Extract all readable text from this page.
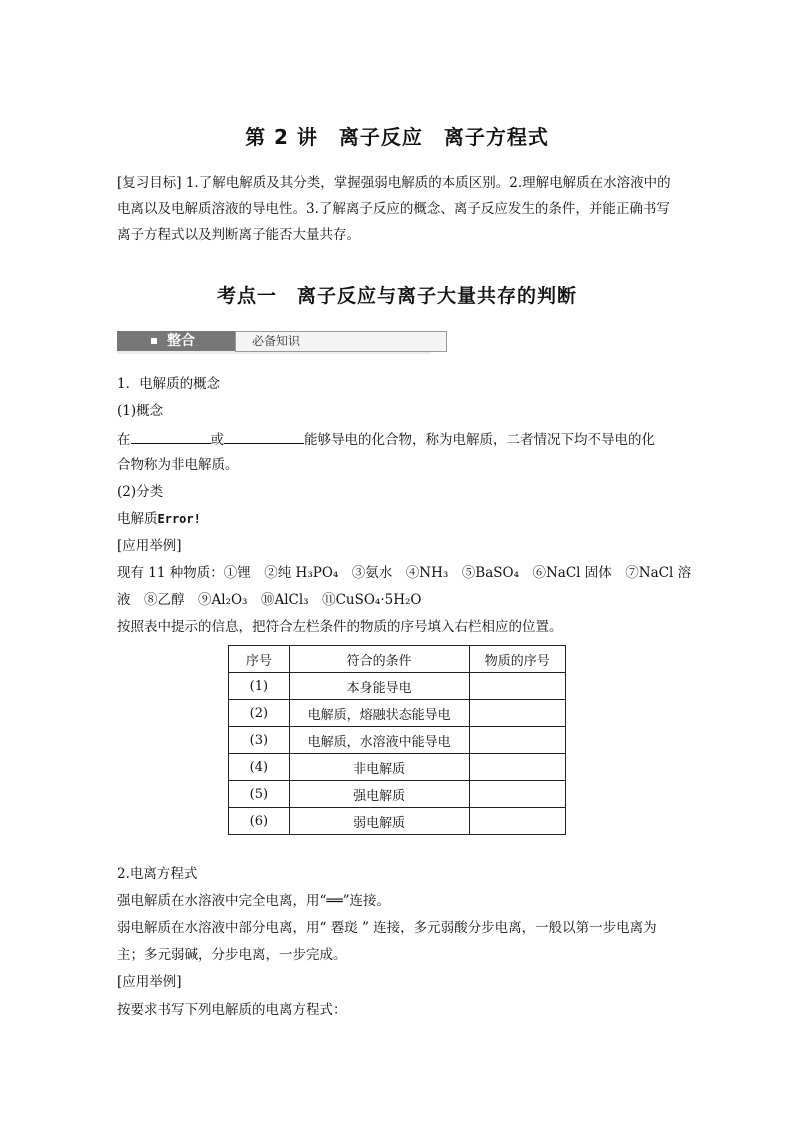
第 2 讲　离子反应　离子方程式
[复习目标] 1.了解电解质及其分类，掌握强弱电解质的本质区别。2.理解电解质在水溶液中的电离以及电解质溶液的导电性。3.了解离子反应的概念、离子反应发生的条件，并能正确书写离子方程式以及判断离子能否大量共存。
考点一　离子反应与离子大量共存的判断
整合	必备知识
1．电解质的概念
(1)概念
在	或	能够导电的化合物，称为电解质，二者情况下均不导电的化
合物称为非电解质。
(2)分类
电解质Error!
[应用举例]
现有 11 种物质：①锂　②纯 H₃PO₄　③氨水　④NH₃　⑤BaSO₄　⑥NaCl 固体　⑦NaCl 溶
液　⑧乙醇　⑨Al₂O₃　⑩AlCl₃　⑪CuSO₄·5H₂O
按照表中提示的信息，把符合左栏条件的物质的序号填入右栏相应的位置。
序号	符合的条件	物质的序号
(1)	本身能导电	
(2)	电解质，熔融状态能导电	
(3)	电解质，水溶液中能导电	
(4)	非电解质	
(5)	强电解质	
(6)	弱电解质	
2.电离方程式
强电解质在水溶液中完全电离，用“══”连接。
弱电解质在水溶液中部分电离，用“ 䙴珳 ” 连接，多元弱酸分步电离，一般以第一步电离为
主；多元弱碱，分步电离，一步完成。
[应用举例]
按要求书写下列电解质的电离方程式：
